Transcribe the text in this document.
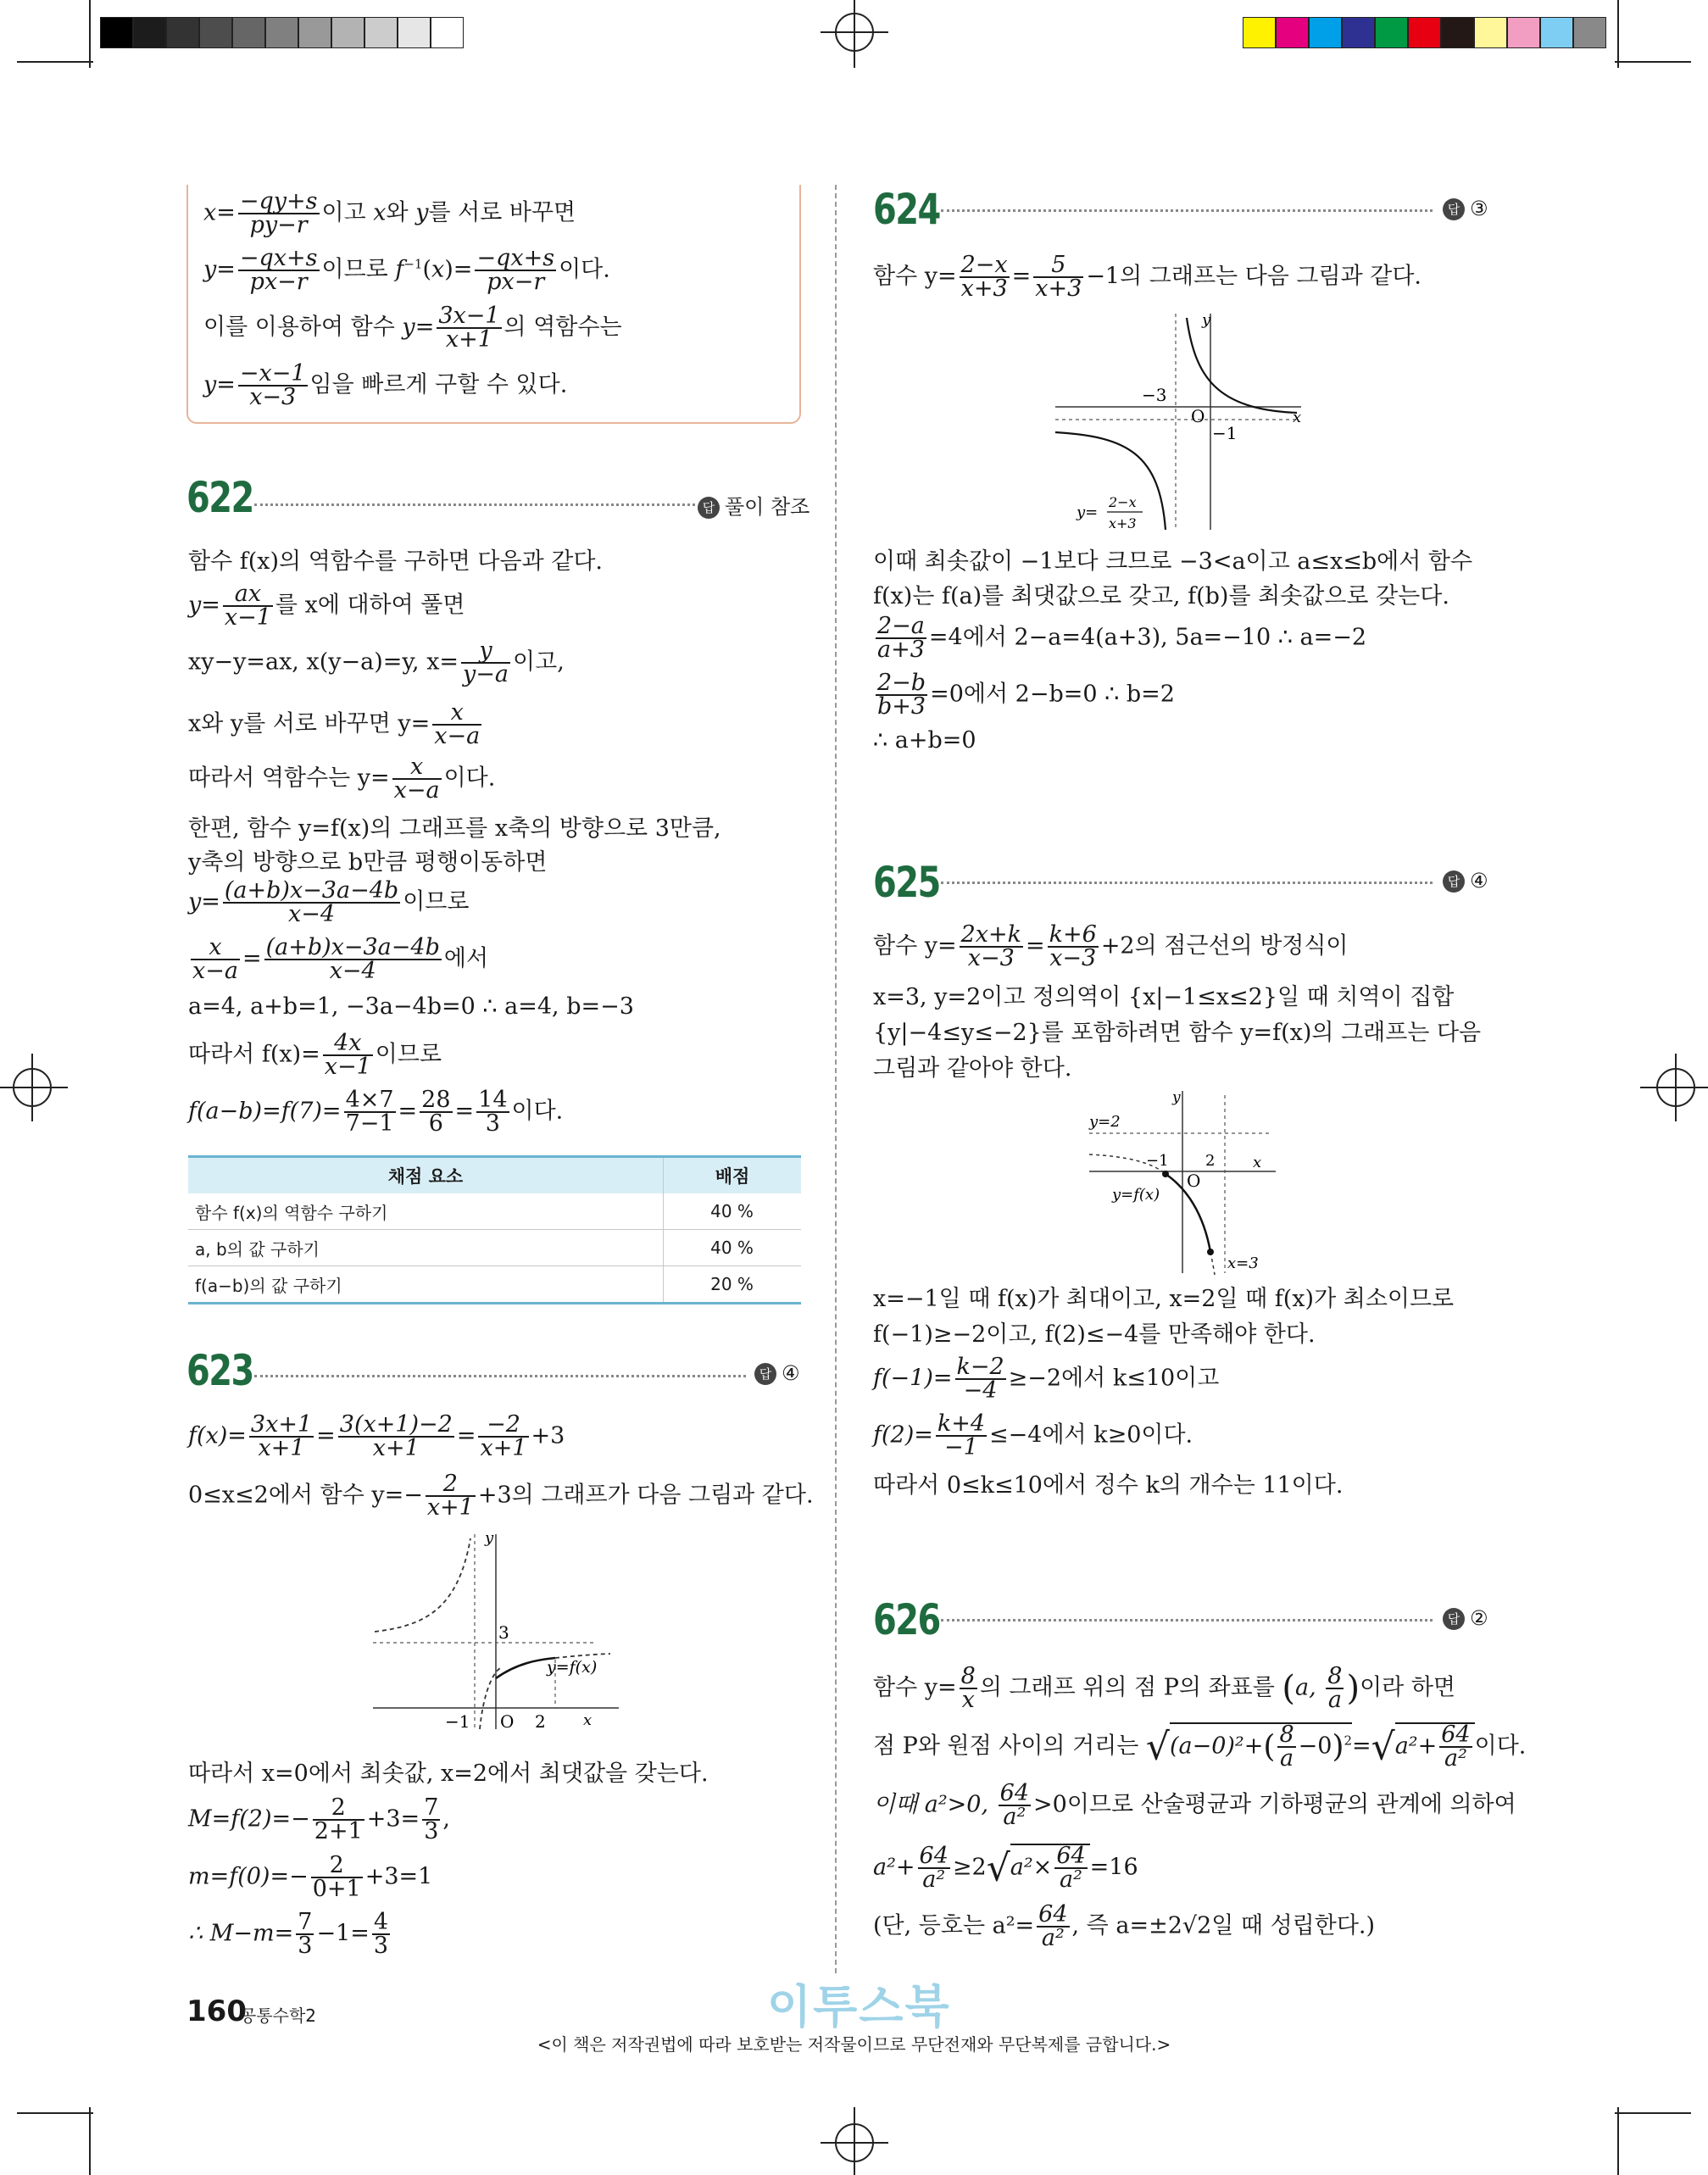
$x= \frac{-qy+s}{py-r}$ 이고 x와 y를 서로 바꾸면
$y= \frac{-qx+s}{px-r}$ 이므로 $f^{-1}(x)= \frac{-qx+s}{px-r}$ 이다.
이를 이용하여 함수 $y= \frac{3x-1}{x+1}$ 의 역함수는
$y= \frac{-x-1}{x-3}$ 임을 빠르게 구할 수 있다.
622	답 풀이 참조
함수 f(x)의 역함수를 구하면 다음과 같다.
$y= \frac{ax}{x-1}$ 를 x에 대하여 풀면
xy−y=ax, x(y−a)=y, $x= \frac{y}{y-a}$ 이고,
x와 y를 서로 바꾸면 $y= \frac{x}{x-a}$
따라서 역함수는 $y= \frac{x}{x-a}$ 이다.
한편, 함수 y=f(x)의 그래프를 x축의 방향으로 3만큼,
y축의 방향으로 b만큼 평행이동하면
$y= \frac{(a+b)x-3a-4b}{x-4}$ 이므로
$\frac{x}{x-a} = \frac{(a+b)x-3a-4b}{x-4}$ 에서
a=4, a+b=1, −3a−4b=0 ∴ a=4, b=−3
따라서 $f(x)= \frac{4x}{x-1}$ 이므로
$f(a-b)=f(7)= \frac{4\times 7}{7-1} = \frac{28}{6} = \frac{14}{3}$ 이다.
채점 요소	배점
함수 f(x)의 역함수 구하기	40 %
a, b의 값 구하기	40 %
f(a−b)의 값 구하기	20 %
623	답 ④
$f(x)= \frac{3x+1}{x+1} = \frac{3(x+1)-2}{x+1} = \frac{-2}{x+1} +3$
0≤x≤2에서 함수 $y=- \frac{2}{x+1} +3$의 그래프가 다음 그림과 같다.
y
x
O
3
−1	2
y=f(x)
따라서 x=0에서 최솟값, x=2에서 최댓값을 갖는다.
$M=f(2)=- \frac{2}{2+1} +3= \frac{7}{3}$ ,
$m=f(0)=- \frac{2}{0+1} +3=1$
∴ $M-m= \frac{7}{3} -1= \frac{4}{3}$
624	답 ③
함수 $y= \frac{2-x}{x+3} = \frac{5}{x+3} -1$의 그래프는 다음 그림과 같다.
y
x
O
−3
−1
y=
2−x
x+3
이때 최솟값이 −1보다 크므로 −3<a이고 a≤x≤b에서 함수
f(x)는 f(a)를 최댓값으로 갖고, f(b)를 최솟값으로 갖는다.
$\frac{2-a}{a+3} =4$에서 2−a=4(a+3), 5a=−10 ∴ a=−2
$\frac{2-b}{b+3} =0$에서 2−b=0 ∴ b=2
∴ a+b=0
625	답 ④
함수 $y= \frac{2x+k}{x-3} = \frac{k+6}{x-3} +2$의 점근선의 방정식이
x=3, y=2이고 정의역이 {x|−1≤x≤2}일 때 치역이 집합
{y|−4≤y≤−2}를 포함하려면 함수 y=f(x)의 그래프는 다음
그림과 같아야 한다.
y
x
O
y=2
−1 2
y=f(x)
x=3
x=−1일 때 f(x)가 최대이고, x=2일 때 f(x)가 최소이므로
f(−1)≥−2이고, f(2)≤−4를 만족해야 한다.
$f(-1)= \frac{k-2}{-4} \ge-2$에서 k≤10이고
$f(2)= \frac{k+4}{-1} \le-4$에서 k≥0이다.
따라서 0≤k≤10에서 정수 k의 개수는 11이다.
626	답 ②
함수 $y= \frac{8}{x}$ 의 그래프 위의 점 P의 좌표를 (a, $\frac{8}{a}$ )이라 하면
점 P와 원점 사이의 거리는 $√(a-0)^2+( \frac{8}{a} -0)^2=√a^2+ \frac{64}{\text{a²}}$ 이다.
이때 a²>0, $\frac{64}{\text{a²}} >0$이므로 산술평균과 기하평균의 관계에 의하여
$a^2+ \frac{64}{\text{a²}} \ge 2√a^2\times \frac{64}{\text{a²}} =16$
(단, 등호는 $a^2= \frac{64}{\text{a²}}$ , 즉 a=±2√2일 때 성립한다.)
160
공통수학2	이투스북
<이 책은 저작권법에 따라 보호받는 저작물이므로 무단전재와 무단복제를 금합니다.>
